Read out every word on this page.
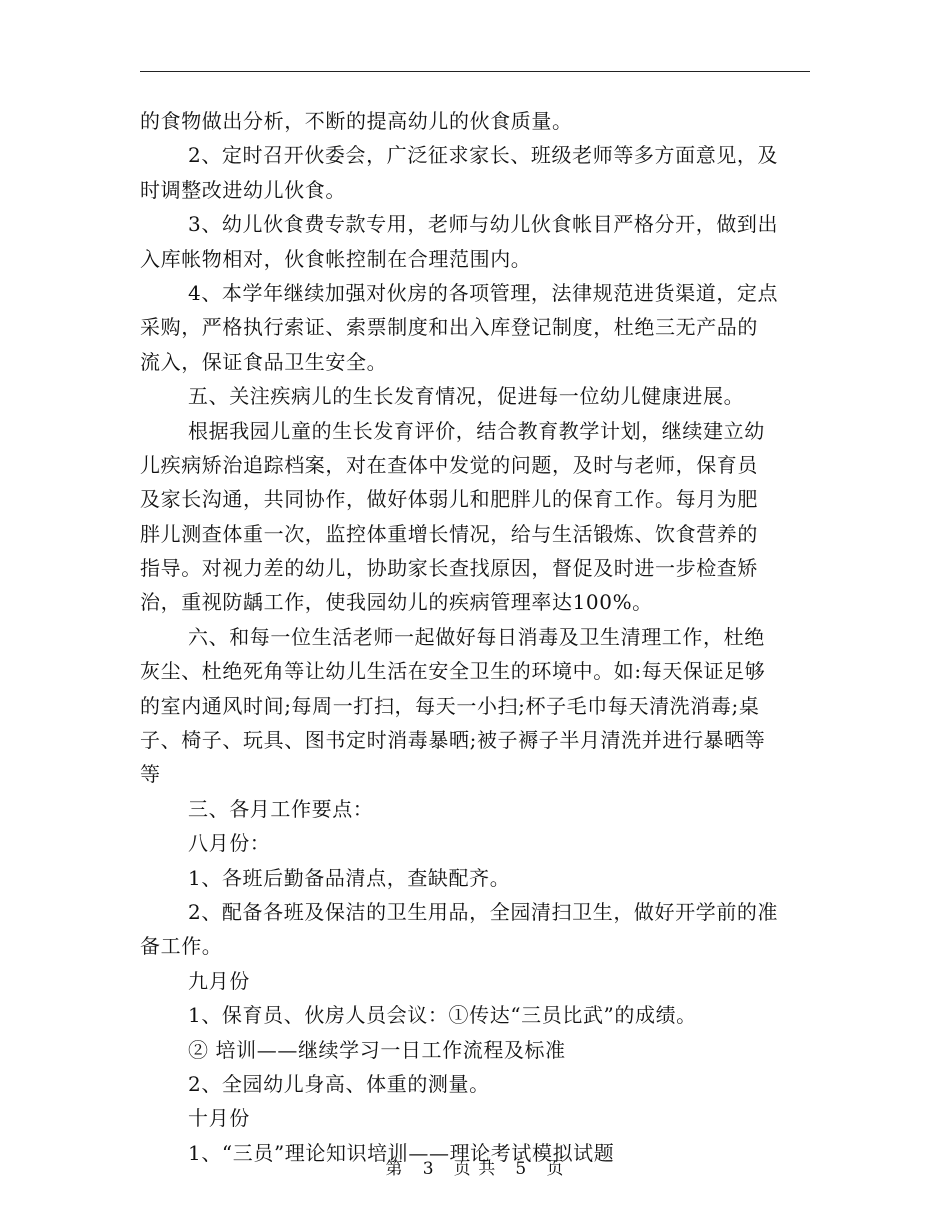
的食物做出分析，不断的提高幼儿的伙食质量。
2、定时召开伙委会，广泛征求家长、班级老师等多方面意见，及
时调整改进幼儿伙食。
3、幼儿伙食费专款专用，老师与幼儿伙食帐目严格分开，做到出
入库帐物相对，伙食帐控制在合理范围内。
4、本学年继续加强对伙房的各项管理，法律规范进货渠道，定点
采购，严格执行索证、索票制度和出入库登记制度，杜绝三无产品的
流入，保证食品卫生安全。
五、关注疾病儿的生长发育情况，促进每一位幼儿健康进展。
根据我园儿童的生长发育评价，结合教育教学计划，继续建立幼
儿疾病矫治追踪档案，对在查体中发觉的问题，及时与老师，保育员
及家长沟通，共同协作，做好体弱儿和肥胖儿的保育工作。每月为肥
胖儿测查体重一次，监控体重增长情况，给与生活锻炼、饮食营养的
指导。对视力差的幼儿，协助家长查找原因，督促及时进一步检查矫
治，重视防龋工作，使我园幼儿的疾病管理率达100%。
六、和每一位生活老师一起做好每日消毒及卫生清理工作，杜绝
灰尘、杜绝死角等让幼儿生活在安全卫生的环境中。如:每天保证足够
的室内通风时间;每周一打扫，每天一小扫;杯子毛巾每天清洗消毒;桌
子、椅子、玩具、图书定时消毒暴晒;被子褥子半月清洗并进行暴晒等
等
三、各月工作要点：
八月份：
1、各班后勤备品清点，查缺配齐。
2、配备各班及保洁的卫生用品，全园清扫卫生，做好开学前的准
备工作。
九月份
1、保育员、伙房人员会议：①传达“三员比武”的成绩。
② 培训——继续学习一日工作流程及标准
2、全园幼儿身高、体重的测量。
十月份
1、“三员”理论知识培训——理论考试模拟试题
第 3 页 共 5 页
